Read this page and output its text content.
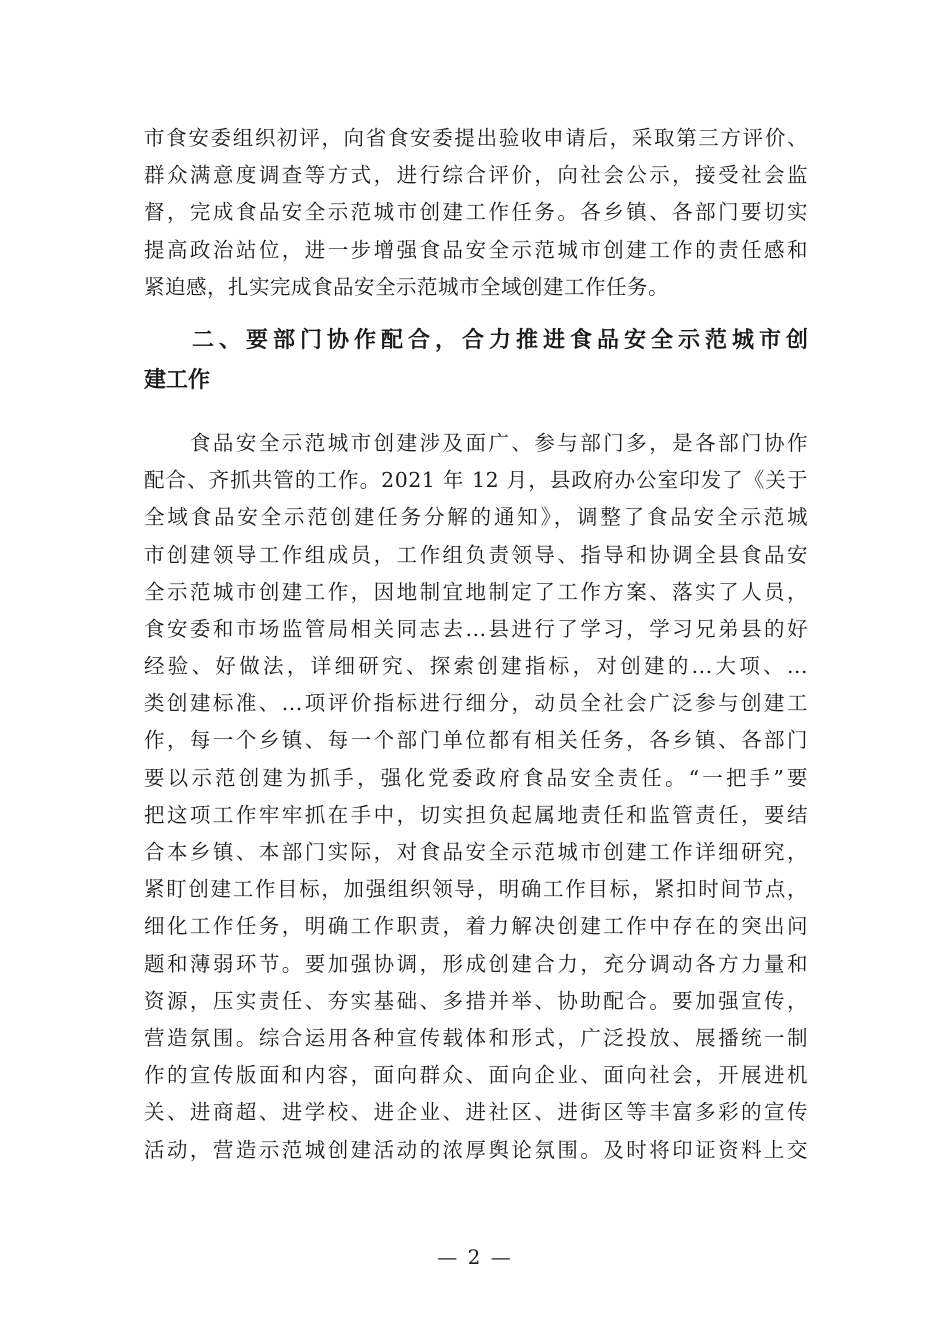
市食安委组织初评，向省食安委提出验收申请后，采取第三方评价、
群众满意度调查等方式，进行综合评价，向社会公示，接受社会监
督，完成食品安全示范城市创建工作任务。各乡镇、各部门要切实
提高政治站位，进一步增强食品安全示范城市创建工作的责任感和
紧迫感，扎实完成食品安全示范城市全域创建工作任务。
二、要部门协作配合，合力推进食品安全示范城市创
建工作
　　食品安全示范城市创建涉及面广、参与部门多，是各部门协作
配合、齐抓共管的工作。2021 年 12 月，县政府办公室印发了《关于
全域食品安全示范创建任务分解的通知》，调整了食品安全示范城
市创建领导工作组成员，工作组负责领导、指导和协调全县食品安
全示范城市创建工作，因地制宜地制定了工作方案、落实了人员，
食安委和市场监管局相关同志去...县进行了学习，学习兄弟县的好
经验、好做法，详细研究、探索创建指标，对创建的...大项、...
类创建标准、...项评价指标进行细分，动员全社会广泛参与创建工
作，每一个乡镇、每一个部门单位都有相关任务，各乡镇、各部门
要以示范创建为抓手，强化党委政府食品安全责任。“一把手”要
把这项工作牢牢抓在手中，切实担负起属地责任和监管责任，要结
合本乡镇、本部门实际，对食品安全示范城市创建工作详细研究，
紧盯创建工作目标，加强组织领导，明确工作目标，紧扣时间节点，
细化工作任务，明确工作职责，着力解决创建工作中存在的突出问
题和薄弱环节。要加强协调，形成创建合力，充分调动各方力量和
资源，压实责任、夯实基础、多措并举、协助配合。要加强宣传，
营造氛围。综合运用各种宣传载体和形式，广泛投放、展播统一制
作的宣传版面和内容，面向群众、面向企业、面向社会，开展进机
关、进商超、进学校、进企业、进社区、进街区等丰富多彩的宣传
活动，营造示范城创建活动的浓厚舆论氛围。及时将印证资料上交
— 2 —
